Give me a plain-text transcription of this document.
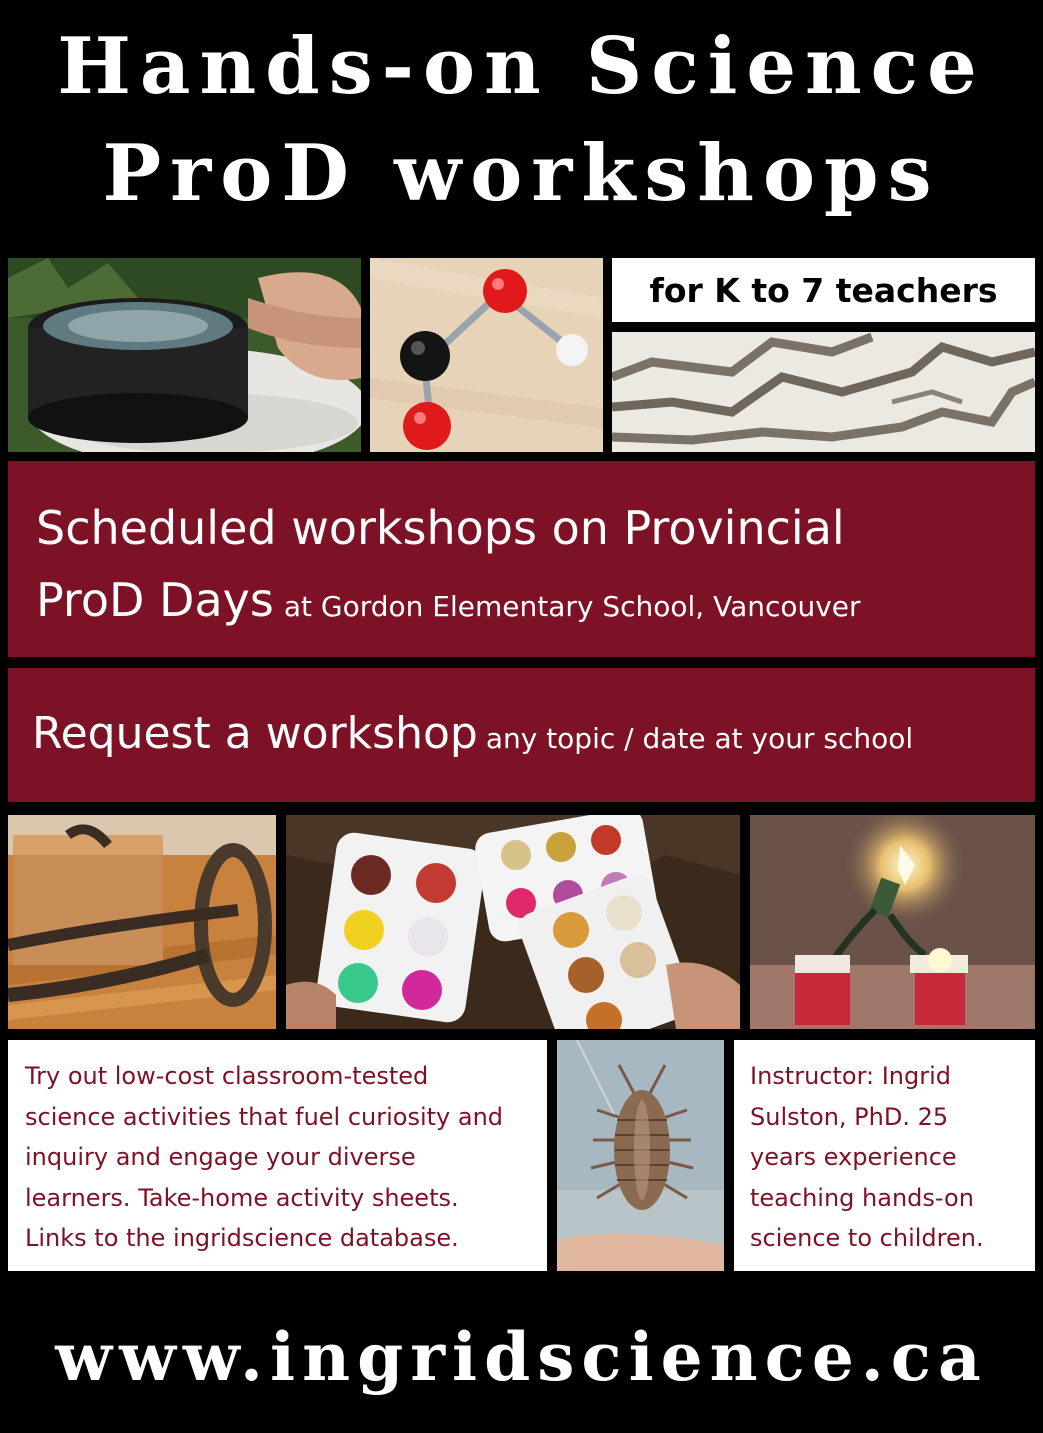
Hands-on Science
ProD workshops
for K to 7 teachers
Scheduled workshops on Provincial
ProD Days at Gordon Elementary School, Vancouver
Request a workshop any topic / date at your school
Try out low-cost classroom-tested
science activities that fuel curiosity and
inquiry and engage your diverse
learners. Take-home activity sheets.
Links to the ingridscience database.
Instructor: Ingrid
Sulston, PhD. 25
years experience
teaching hands-on
science to children.
www.ingridscience.ca
